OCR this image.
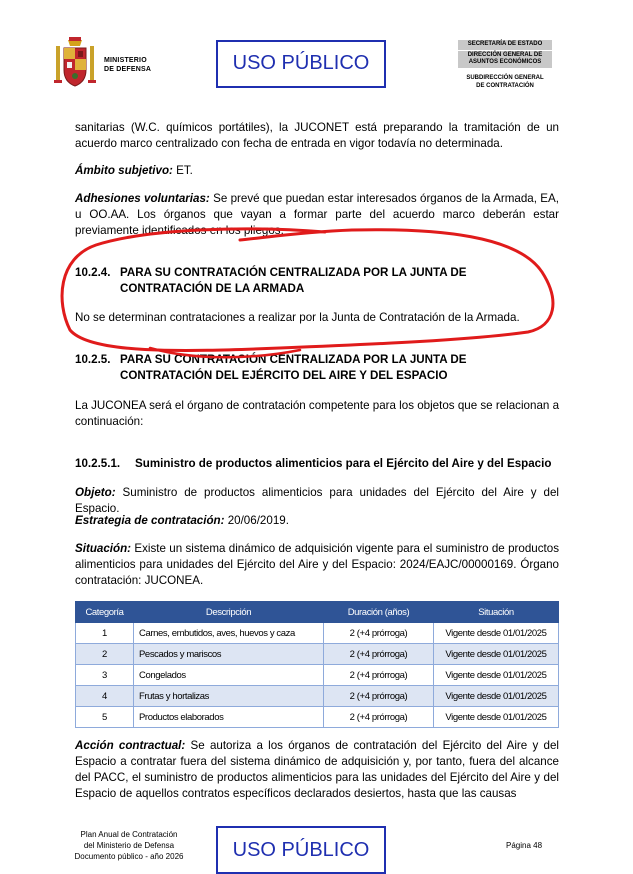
MINISTERIO
DE DEFENSA	USO PÚBLICO
SECRETARÍA DE ESTADO
DIRECCIÓN GENERAL DE
ASUNTOS ECONÓMICOS
SUBDIRECCIÓN GENERAL
DE CONTRATACIÓN
sanitarias (W.C. químicos portátiles), la JUCONET está preparando la tramitación de un acuerdo marco centralizado con fecha de entrada en vigor todavía no determinada.
Ámbito subjetivo: ET.
Adhesiones voluntarias: Se prevé que puedan estar interesados órganos de la Armada, EA, u OO.AA. Los órganos que vayan a formar parte del acuerdo marco deberán estar previamente identificados en los pliegos.
10.2.4. PARA SU CONTRATACIÓN CENTRALIZADA POR LA JUNTA DE CONTRATACIÓN DE LA ARMADA
No se determinan contrataciones a realizar por la Junta de Contratación de la Armada.
10.2.5. PARA SU CONTRATACIÓN CENTRALIZADA POR LA JUNTA DE CONTRATACIÓN DEL EJÉRCITO DEL AIRE Y DEL ESPACIO
La JUCONEA será el órgano de contratación competente para los objetos que se relacionan a continuación:
10.2.5.1. Suministro de productos alimenticios para el Ejército del Aire y del Espacio
Objeto: Suministro de productos alimenticios para unidades del Ejército del Aire y del Espacio.
Estrategia de contratación: 20/06/2019.
Situación: Existe un sistema dinámico de adquisición vigente para el suministro de productos alimenticios para unidades del Ejército del Aire y del Espacio: 2024/EAJC/00000169. Órgano contratación: JUCONEA.
Categoría	Descripción	Duración (años)	Situación
1	Carnes, embutidos, aves, huevos y caza	2 (+4 prórroga)	Vigente desde 01/01/2025
2	Pescados y mariscos	2 (+4 prórroga)	Vigente desde 01/01/2025
3	Congelados	2 (+4 prórroga)	Vigente desde 01/01/2025
4	Frutas y hortalizas	2 (+4 prórroga)	Vigente desde 01/01/2025
5	Productos elaborados	2 (+4 prórroga)	Vigente desde 01/01/2025
Acción contractual: Se autoriza a los órganos de contratación del Ejército del Aire y del Espacio a contratar fuera del sistema dinámico de adquisición y, por tanto, fuera del alcance del PACC, el suministro de productos alimenticios para las unidades del Ejército del Aire y del Espacio de aquellos contratos específicos declarados desiertos, hasta que las causas
Plan Anual de Contratación
del Ministerio de Defensa
Documento público - año 2026	USO PÚBLICO	Página 48
